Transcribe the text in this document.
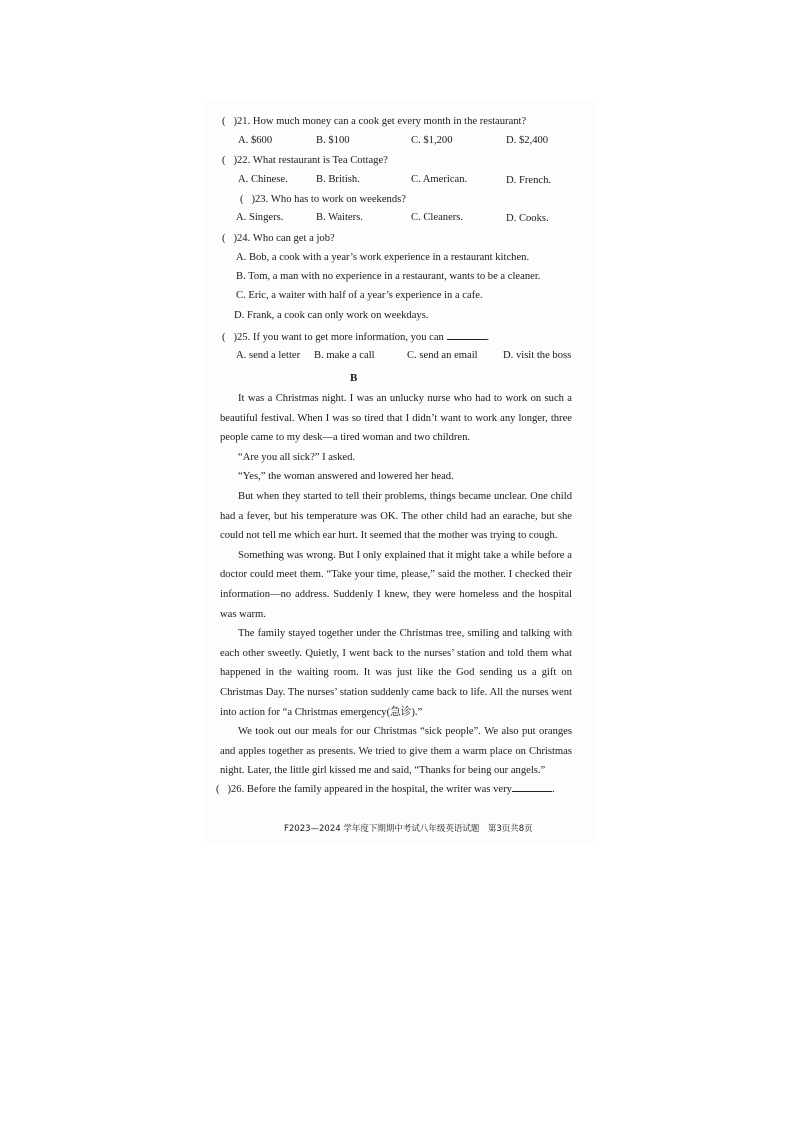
( )21. How much money can a cook get every month in the restaurant?
A. $600	B. $100	C. $1,200	D. $2,400
( )22. What restaurant is Tea Cottage?
A. Chinese.	B. British.	C. American.	D. French.
( )23. Who has to work on weekends?
A. Singers.	B. Waiters.	C. Cleaners.	D. Cooks.
( )24. Who can get a job?
A. Bob, a cook with a year’s work experience in a restaurant kitchen.
B. Tom, a man with no experience in a restaurant, wants to be a cleaner.
C. Eric, a waiter with half of a year’s experience in a cafe.
D. Frank, a cook can only work on weekdays.
( )25. If you want to get more information, you can	.
A. send a letter B. make a call	C. send an email D. visit the boss
B

It was a Christmas night. I was an unlucky nurse who had to work on such a beautiful festival. When I was so tired that I didn’t want to work any longer, three people came to my desk—a tired woman and two children.

“Are you all sick?” I asked.

“Yes,” the woman answered and lowered her head.

But when they started to tell their problems, things became unclear. One child had a fever, but his temperature was OK. The other child had an earache, but she could not tell me which ear hurt. It seemed that the mother was trying to cough.

Something was wrong. But I only explained that it might take a while before a doctor could meet them. “Take your time, please,” said the mother. I checked their information—no address. Suddenly I knew, they were homeless and the hospital was warm.

The family stayed together under the Christmas tree, smiling and talking with each other sweetly. Quietly, I went back to the nurses’ station and told them what happened in the waiting room. It was just like the God sending us a gift on Christmas Day. The nurses’ station suddenly came back to life. All the nurses went into action for “a Christmas emergency(急诊).”

We took out our meals for our Christmas “sick people”. We also put oranges and apples together as presents. We tried to give them a warm place on Christmas night. Later, the little girl kissed me and said, “Thanks for being our angels.”

( )26. Before the family appeared in the hospital, the writer was very	.
F2023—2024 学年度下期期中考试八年级英语试题　第3页共8页
